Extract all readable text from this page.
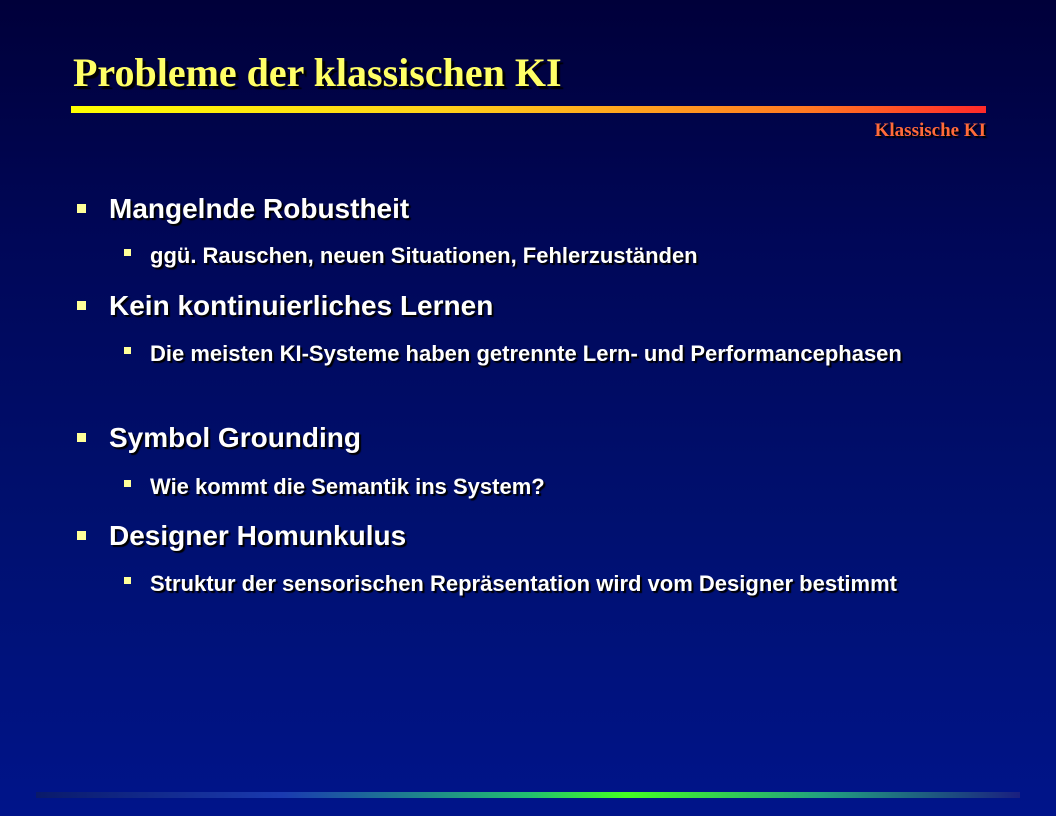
Probleme der klassischen KI
Klassische KI
Mangelnde Robustheit
ggü. Rauschen, neuen Situationen, Fehlerzuständen
Kein kontinuierliches Lernen
Die meisten KI-Systeme haben getrennte Lern- und Performancephasen
Symbol Grounding
Wie kommt die Semantik ins System?
Designer Homunkulus
Struktur der sensorischen Repräsentation wird vom Designer bestimmt
